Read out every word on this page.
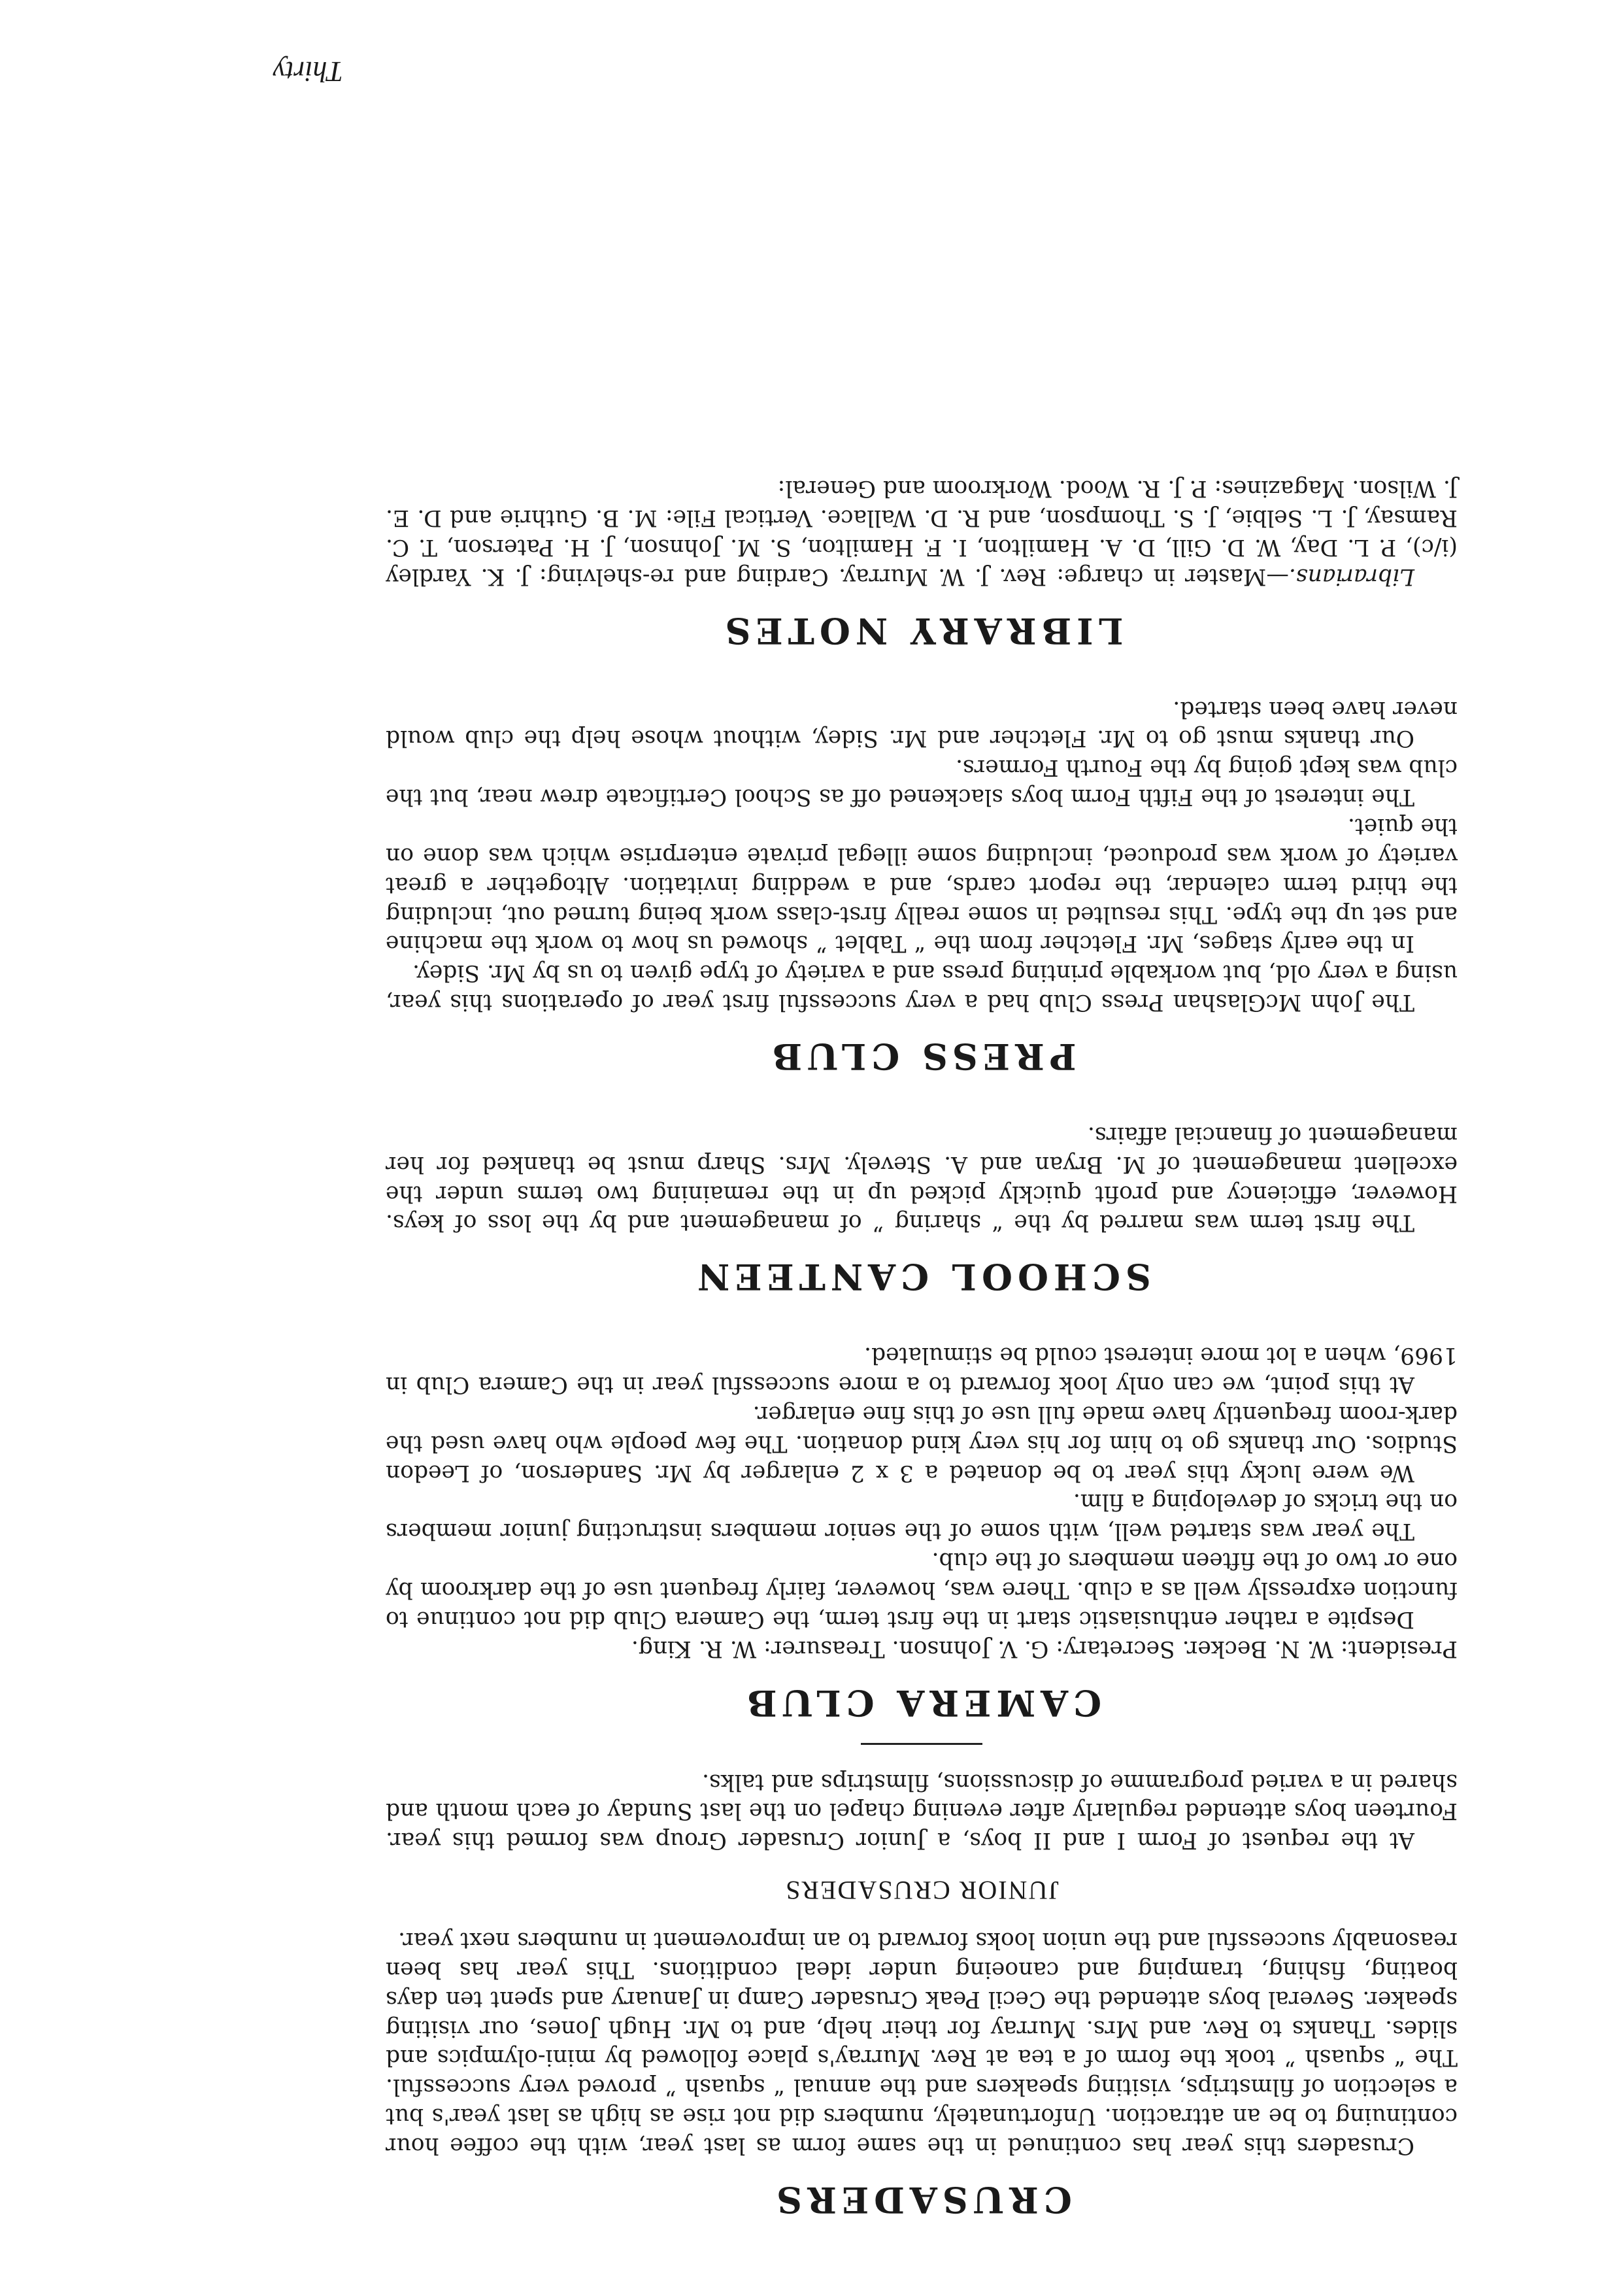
CRUSADERS

Crusaders this year has continued in the same form as last year, with the coffee hour continuing to be an attraction. Unfortunately, numbers did not rise as high as last year's but a selection of filmstrips, visiting speakers and the annual “ squash ” proved very successful. The “ squash ” took the form of a tea at Rev. Murray's place followed by mini-olympics and slides. Thanks to Rev. and Mrs. Murray for their help, and to Mr. Hugh Jones, our visiting speaker. Several boys attended the Cecil Peak Crusader Camp in January and spent ten days boating, fishing, tramping and canoeing under ideal conditions. This year has been reasonably successful and the union looks forward to an improvement in numbers next year.

JUNIOR CRUSADERS

At the request of Form I and II boys, a Junior Crusader Group was formed this year. Fourteen boys attended regularly after evening chapel on the last Sunday of each month and shared in a varied programme of discussions, filmstrips and talks.

CAMERA CLUB

President: W. N. Becker. Secretary: G. V. Johnson. Treasurer: W. R. King.

Despite a rather enthusiastic start in the first term, the Camera Club did not continue to function expressly well as a club. There was, however, fairly frequent use of the darkroom by one or two of the fifteen members of the club.

The year was started well, with some of the senior members instructing junior members on the tricks of developing a film.

We were lucky this year to be donated a 3 x 2 enlarger by Mr. Sanderson, of Leedon Studios. Our thanks go to him for his very kind donation. The few people who have used the dark-room frequently have made full use of this fine enlarger.

At this point, we can only look forward to a more successful year in the Camera Club in 1969, when a lot more interest could be stimulated.

SCHOOL CANTEEN

The first term was marred by the “ sharing ” of management and by the loss of keys. However, efficiency and profit quickly picked up in the remaining two terms under the excellent management of M. Bryan and A. Stevely. Mrs. Sharp must be thanked for her management of financial affairs.

PRESS CLUB

The John McGlashan Press Club had a very successful first year of operations this year, using a very old, but workable printing press and a variety of type given to us by Mr. Sidey.

In the early stages, Mr. Fletcher from the “ Tablet ” showed us how to work the machine and set up the type. This resulted in some really first-class work being turned out, including the third term calendar, the report cards, and a wedding invitation. Altogether a great variety of work was produced, including some illegal private enterprise which was done on the quiet.

The interest of the Fifth Form boys slackened off as School Certificate drew near, but the club was kept going by the Fourth Formers.

Our thanks must go to Mr. Fletcher and Mr. Sidey, without whose help the club would never have been started.

LIBRARY NOTES

Librarians.—Master in charge: Rev. J. W. Murray. Carding and re-shelving: J. K. Yardley (i/c), P. L. Day, W. D. Gill, D. A. Hamilton, I. F. Hamilton, S. M. Johnson, J. H. Paterson, T. C. Ramsay, J. L. Selbie, J. S. Thompson, and R. D. Wallace. Vertical File: M. B. Guthrie and D. E. J. Wilson. Magazines: P. J. R. Wood. Workroom and General:

Thirty
